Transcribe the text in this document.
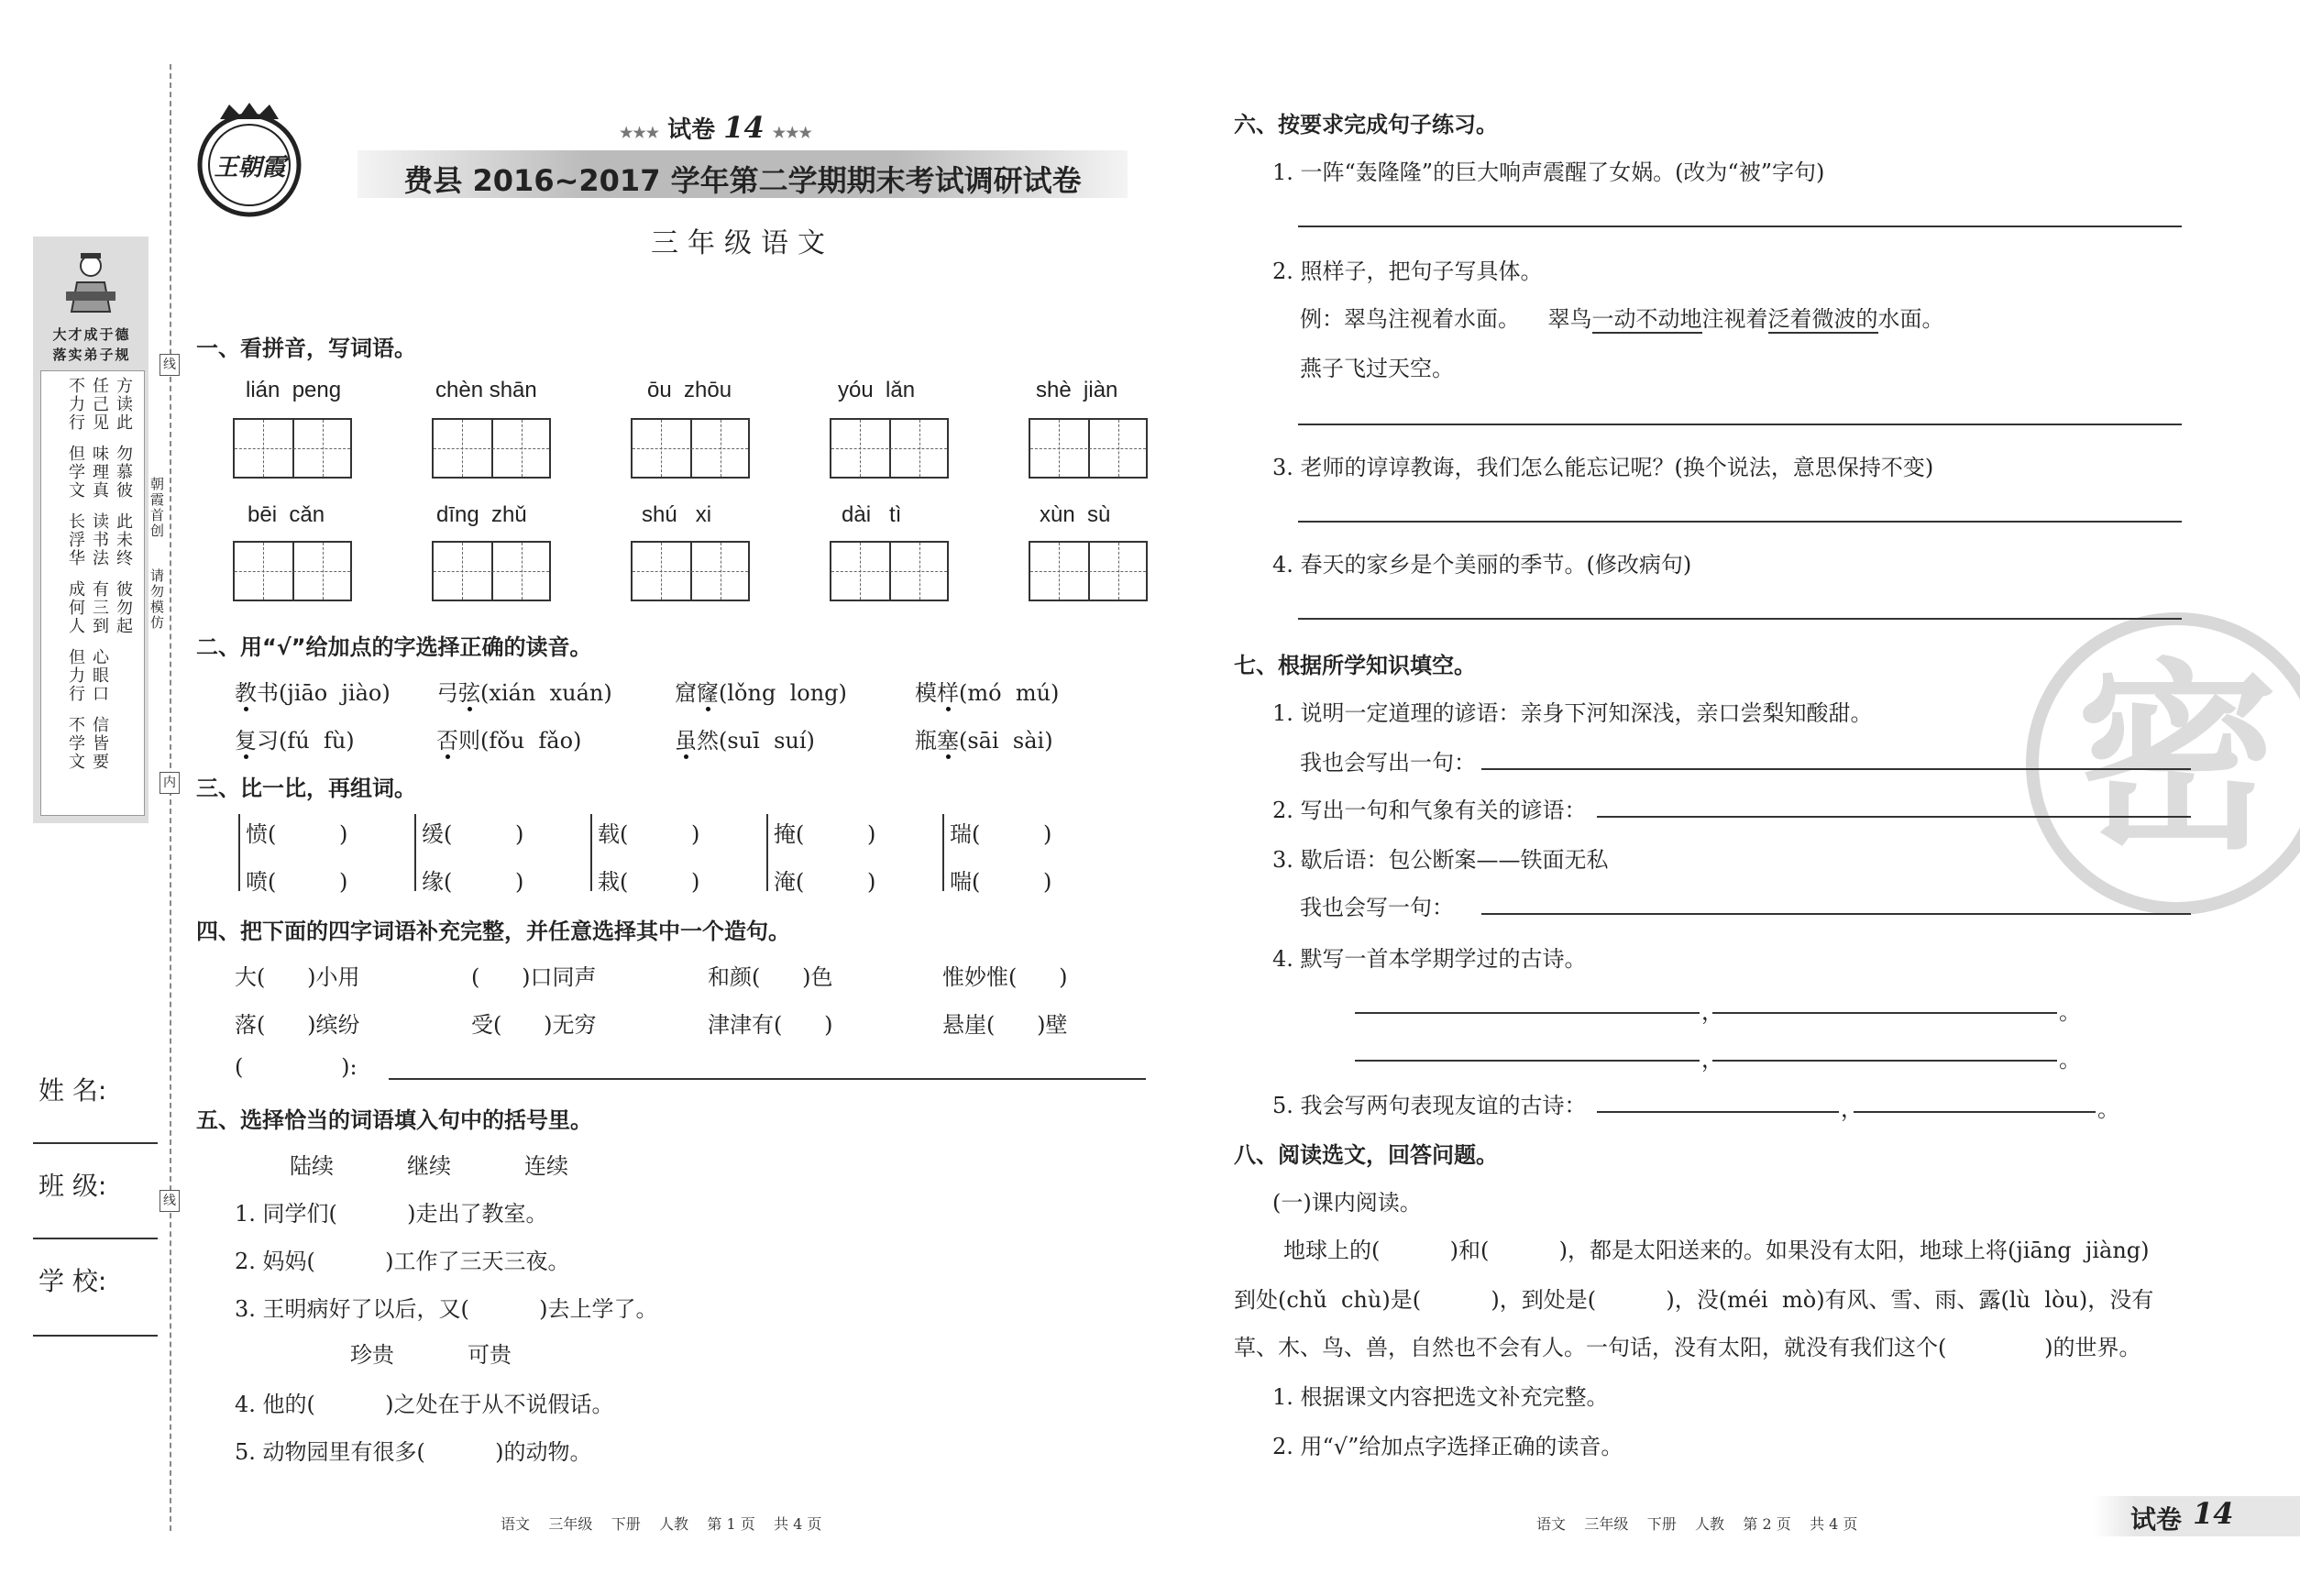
大才成于德
落实弟子规
方读此
任己见
不力行
勿慕彼
味理真
但学文
此未终
读书法
长浮华
彼勿起
有三到
成何人
心眼口
但力行
信皆要
不学文
朝霞首创
请勿模仿
线
内
线
姓 名:
班 级:
学 校:
王朝霞
★★★ 试卷 14 ★★★
费县 2016~2017 学年第二学期期末考试调研试卷
三年级语文
一、看拼音，写词语。
lián  peng	chèn shān	ōu  zhōu	yóu  lǎn	shè  jiàn
bēi  cǎn	dīng  zhǔ	shú   xi	dài   tì	xùn  sù
二、用“√”给加点的字选择正确的读音。
教书(jiāo  jiào) 弓弦(xián  xuán)	窟窿(lǒng  long)	模样(mó  mú)
复习(fú  fù)	否则(fǒu  fǎo)	虽然(suī  suí)	瓶塞(sāi  sài)
三、比一比，再组词。
愤(         )	缓(         )	载(         )	掩(         )	瑞(         )
喷(         )	缘(         )	栽(         )	淹(         )	喘(         )
四、把下面的四字词语补充完整，并任意选择其中一个造句。
大(      )小用	(      )口同声	和颜(      )色	惟妙惟(      )
落(      )缤纷	受(      )无穷	津津有(      )	悬崖(      )壁
(              ):
五、选择恰当的词语填入句中的括号里。
陆续	继续	连续
1. 同学们(          )走出了教室。
2. 妈妈(          )工作了三天三夜。
3. 王明病好了以后，又(          )去上学了。
珍贵	可贵
4. 他的(          )之处在于从不说假话。
5. 动物园里有很多(          )的动物。
语文    三年级    下册    人教    第 1 页    共 4 页
密
六、按要求完成句子练习。
1. 一阵“轰隆隆”的巨大响声震醒了女娲。(改为“被”字句)
2. 照样子，把句子写具体。
例：翠鸟注视着水面。    翠鸟一动不动地注视着泛着微波的水面。
燕子飞过天空。
3. 老师的谆谆教诲，我们怎么能忘记呢？(换个说法，意思保持不变)
4. 春天的家乡是个美丽的季节。(修改病句)
七、根据所学知识填空。
1. 说明一定道理的谚语：亲身下河知深浅，亲口尝梨知酸甜。
我也会写出一句：
2. 写出一句和气象有关的谚语：
3. 歇后语：包公断案——铁面无私
我也会写一句：
4. 默写一首本学期学过的古诗。
，	。
，	。
5. 我会写两句表现友谊的古诗：	，	。
八、阅读选文，回答问题。
(一)课内阅读。
地球上的(          )和(          )，都是太阳送来的。如果没有太阳，地球上将(jiāng  jiàng)
到处(chǔ  chù)是(          )，到处是(          )，没(méi  mò)有风、雪、雨、露(lù  lòu)，没有
草、木、鸟、兽，自然也不会有人。一句话，没有太阳，就没有我们这个(              )的世界。
1. 根据课文内容把选文补充完整。
2. 用“√”给加点字选择正确的读音。
语文    三年级    下册    人教    第 2 页    共 4 页	试卷 14
